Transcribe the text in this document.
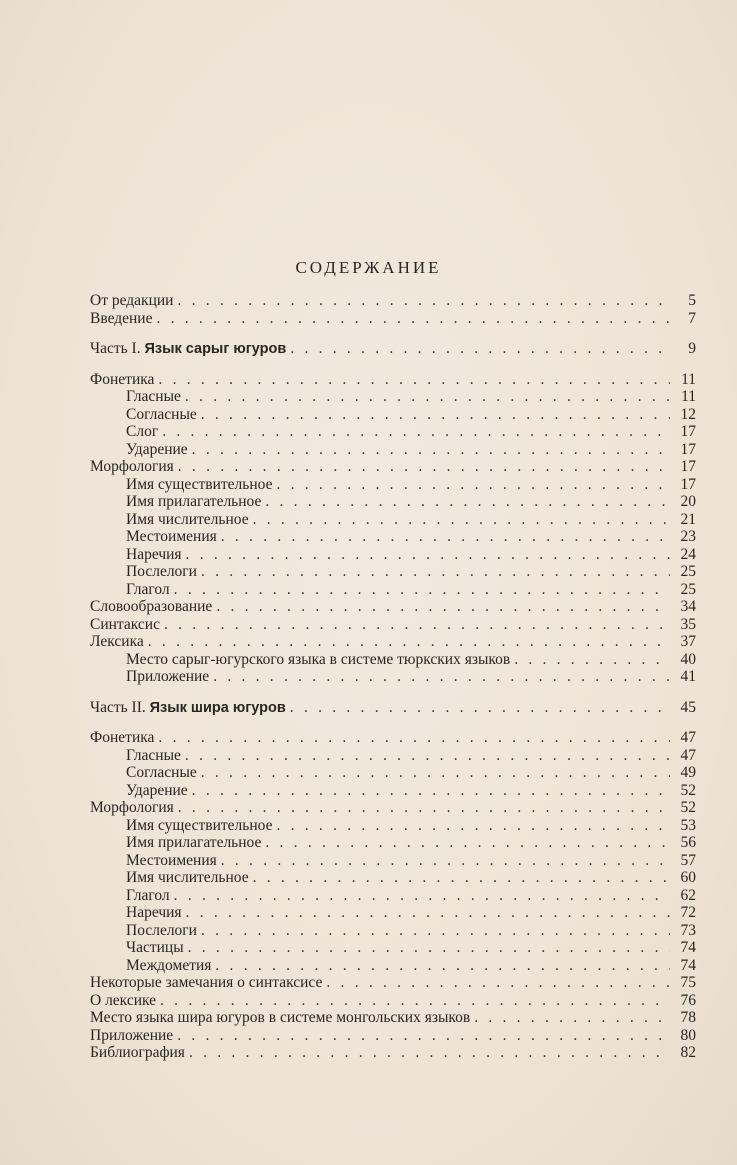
СОДЕРЖАНИЕ
От редакции . . .	5
Введение . . .	7
Часть I. Язык сарыг югуров . . .	9
Фонетика . . .	11
Гласные . . .	11
Согласные . . .	12
Слог . . .	17
Ударение . . .	17
Морфология . . .	17
Имя существительное . . .	17
Имя прилагательное . . .	20
Имя числительное . . .	21
Местоимения . . .	23
Наречия . . .	24
Послелоги . . .	25
Глагол . . .	25
Словообразование . . .	34
Синтаксис . . .	35
Лексика . . .	37
Место сарыг-югурского языка в системе тюркских языков . . .	40
Приложение . . .	41
Часть II. Язык шира югуров . . .	45
Фонетика . . .	47
Гласные . . .	47
Согласные . . .	49
Ударение . . .	52
Морфология . . .	52
Имя существительное . . .	53
Имя прилагательное . . .	56
Местоимения . . .	57
Имя числительное . . .	60
Глагол . . .	62
Наречия . . .	72
Послелоги . . .	73
Частицы . . .	74
Междометия . . .	74
Некоторые замечания о синтаксисе . . .	75
О лексике . . .	76
Место языка шира югуров в системе монгольских языков . . .	78
Приложение . . .	80
Библиография . . .	82
